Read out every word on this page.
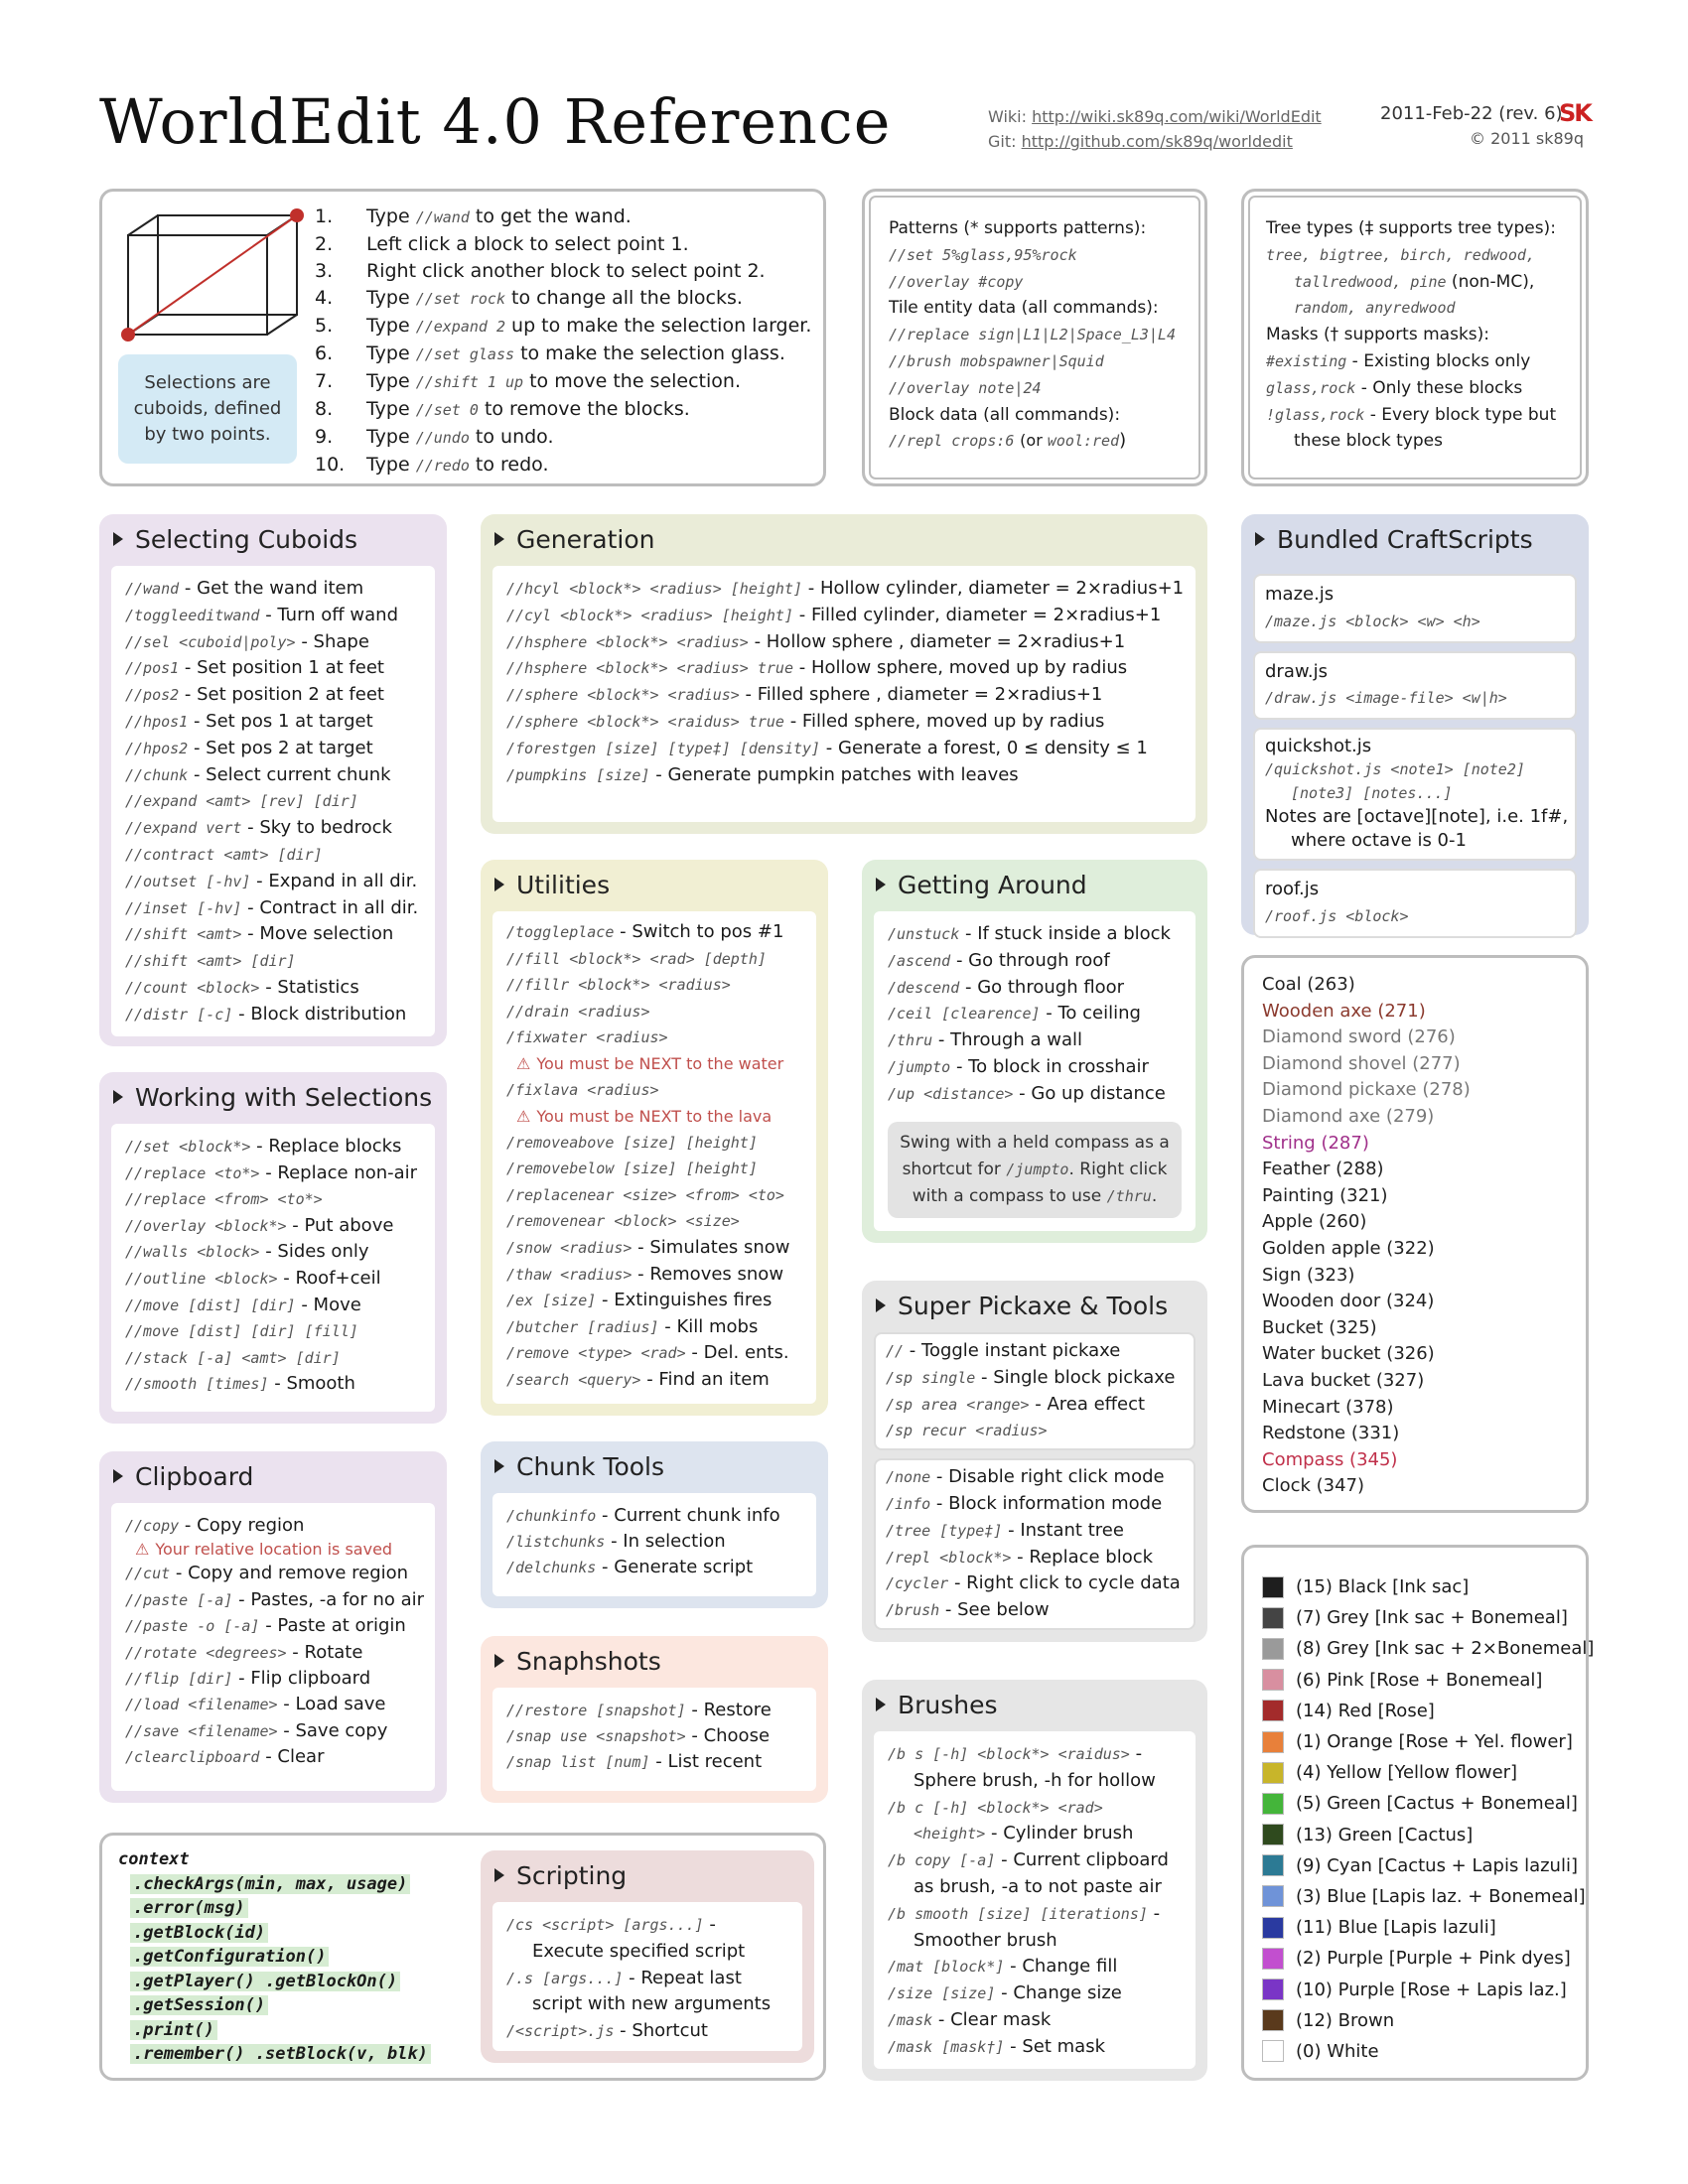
WorldEdit 4.0 Reference	Wiki: http://wiki.sk89q.com/wiki/WorldEdit
Git: http://github.com/sk89q/worldedit
2011-Feb-22 (rev. 6)
SK
© 2011 sk89q
Selections are cuboids, defined by two points.
1. Type //wand to get the wand.
2. Left click a block to select point 1.
3. Right click another block to select point 2.
4. Type //set rock to change all the blocks.
5. Type //expand 2 up to make the selection larger.
6. Type //set glass to make the selection glass.
7. Type //shift 1 up to move the selection.
8. Type //set 0 to remove the blocks.
9. Type //undo to undo.
10. Type //redo to redo.
Patterns (* supports patterns):
//set 5%glass,95%rock
//overlay #copy
Tile entity data (all commands):
//replace sign|L1|L2|Space_L3|L4
//brush mobspawner|Squid
//overlay note|24
Block data (all commands):
//repl crops:6 (or wool:red)
Tree types (‡ supports tree types):
tree, bigtree, birch, redwood,
tallredwood, pine (non-MC),
random, anyredwood
Masks († supports masks):
#existing - Existing blocks only
glass,rock - Only these blocks
!glass,rock - Every block type but
these block types
Selecting Cuboids
//wand - Get the wand item
/toggleeditwand - Turn off wand
//sel <cuboid|poly> - Shape
//pos1 - Set position 1 at feet
//pos2 - Set position 2 at feet
//hpos1 - Set pos 1 at target
//hpos2 - Set pos 2 at target
//chunk - Select current chunk
//expand <amt> [rev] [dir]
//expand vert - Sky to bedrock
//contract <amt> [dir]
//outset [-hv] - Expand in all dir.
//inset [-hv] - Contract in all dir.
//shift <amt> - Move selection
//shift <amt> [dir]
//count <block> - Statistics
//distr [-c] - Block distribution
Generation
//hcyl <block*> <radius> [height] - Hollow cylinder, diameter = 2×radius+1
//cyl <block*> <radius> [height] - Filled cylinder, diameter = 2×radius+1
//hsphere <block*> <radius> - Hollow sphere , diameter = 2×radius+1
//hsphere <block*> <radius> true - Hollow sphere, moved up by radius
//sphere <block*> <radius> - Filled sphere , diameter = 2×radius+1
//sphere <block*> <raidus> true - Filled sphere, moved up by radius
/forestgen [size] [type‡] [density] - Generate a forest, 0 ≤ density ≤ 1
/pumpkins [size] - Generate pumpkin patches with leaves
Utilities
/toggleplace - Switch to pos #1
//fill <block*> <rad> [depth]
//fillr <block*> <radius>
//drain <radius>
/fixwater <radius>
⚠ You must be NEXT to the water
/fixlava <radius>
⚠ You must be NEXT to the lava
/removeabove [size] [height]
/removebelow [size] [height]
/replacenear <size> <from> <to>
/removenear <block> <size>
/snow <radius> - Simulates snow
/thaw <radius> - Removes snow
/ex [size] - Extinguishes fires
/butcher [radius] - Kill mobs
/remove <type> <rad> - Del. ents.
/search <query> - Find an item
Getting Around
/unstuck - If stuck inside a block
/ascend - Go through roof
/descend - Go through floor
/ceil [clearence] - To ceiling
/thru - Through a wall
/jumpto - To block in crosshair
/up <distance> - Go up distance
Swing with a held compass as a
shortcut for /jumpto. Right click
with a compass to use /thru.
Working with Selections
//set <block*> - Replace blocks
//replace <to*> - Replace non-air
//replace <from> <to*>
//overlay <block*> - Put above
//walls <block> - Sides only
//outline <block> - Roof+ceil
//move [dist] [dir] - Move
//move [dist] [dir] [fill]
//stack [-a] <amt> [dir]
//smooth [times] - Smooth
Super Pickaxe & Tools
// - Toggle instant pickaxe
/sp single - Single block pickaxe
/sp area <range> - Area effect
/sp recur <radius>
/none - Disable right click mode
/info - Block information mode
/tree [type‡] - Instant tree
/repl <block*> - Replace block
/cycler - Right click to cycle data
/brush - See below
Chunk Tools
/chunkinfo - Current chunk info
/listchunks - In selection
/delchunks - Generate script
Clipboard
//copy - Copy region
⚠ Your relative location is saved
//cut - Copy and remove region
//paste [-a] - Pastes, -a for no air
//paste -o [-a] - Paste at origin
//rotate <degrees> - Rotate
//flip [dir] - Flip clipboard
//load <filename> - Load save
//save <filename> - Save copy
/clearclipboard - Clear
Snaphshots
//restore [snapshot] - Restore
/snap use <snapshot> - Choose
/snap list [num] - List recent
Brushes
/b s [-h] <block*> <raidus> -
Sphere brush, -h for hollow
/b c [-h] <block*> <rad>
<height> - Cylinder brush
/b copy [-a] - Current clipboard
as brush, -a to not paste air
/b smooth [size] [iterations] -
Smoother brush
/mat [block*] - Change fill
/size [size] - Change size
/mask - Clear mask
/mask [mask†] - Set mask
context
.checkArgs(min, max, usage)
.error(msg)
.getBlock(id)
.getConfiguration()
.getPlayer() .getBlockOn()
.getSession()
.print()
.remember() .setBlock(v, blk)
Scripting
/cs <script> [args...] -
Execute specified script
/.s [args...] - Repeat last
script with new arguments
/<script>.js - Shortcut
Bundled CraftScripts
maze.js
/maze.js <block> <w> <h>
draw.js
/draw.js <image-file> <w|h>
quickshot.js
/quickshot.js <note1> [note2]
[note3] [notes...]
Notes are [octave][note], i.e. 1f#,
where octave is 0-1
roof.js
/roof.js <block>
Coal (263)
Wooden axe (271)
Diamond sword (276)
Diamond shovel (277)
Diamond pickaxe (278)
Diamond axe (279)
String (287)
Feather (288)
Painting (321)
Apple (260)
Golden apple (322)
Sign (323)
Wooden door (324)
Bucket (325)
Water bucket (326)
Lava bucket (327)
Minecart (378)
Redstone (331)
Compass (345)
Clock (347)
(15) Black [Ink sac]
(7) Grey [Ink sac + Bonemeal]
(8) Grey [Ink sac + 2×Bonemeal]
(6) Pink [Rose + Bonemeal]
(14) Red [Rose]
(1) Orange [Rose + Yel. flower]
(4) Yellow [Yellow flower]
(5) Green [Cactus + Bonemeal]
(13) Green [Cactus]
(9) Cyan [Cactus + Lapis lazuli]
(3) Blue [Lapis laz. + Bonemeal]
(11) Blue [Lapis lazuli]
(2) Purple [Purple + Pink dyes]
(10) Purple [Rose + Lapis laz.]
(12) Brown
(0) White
